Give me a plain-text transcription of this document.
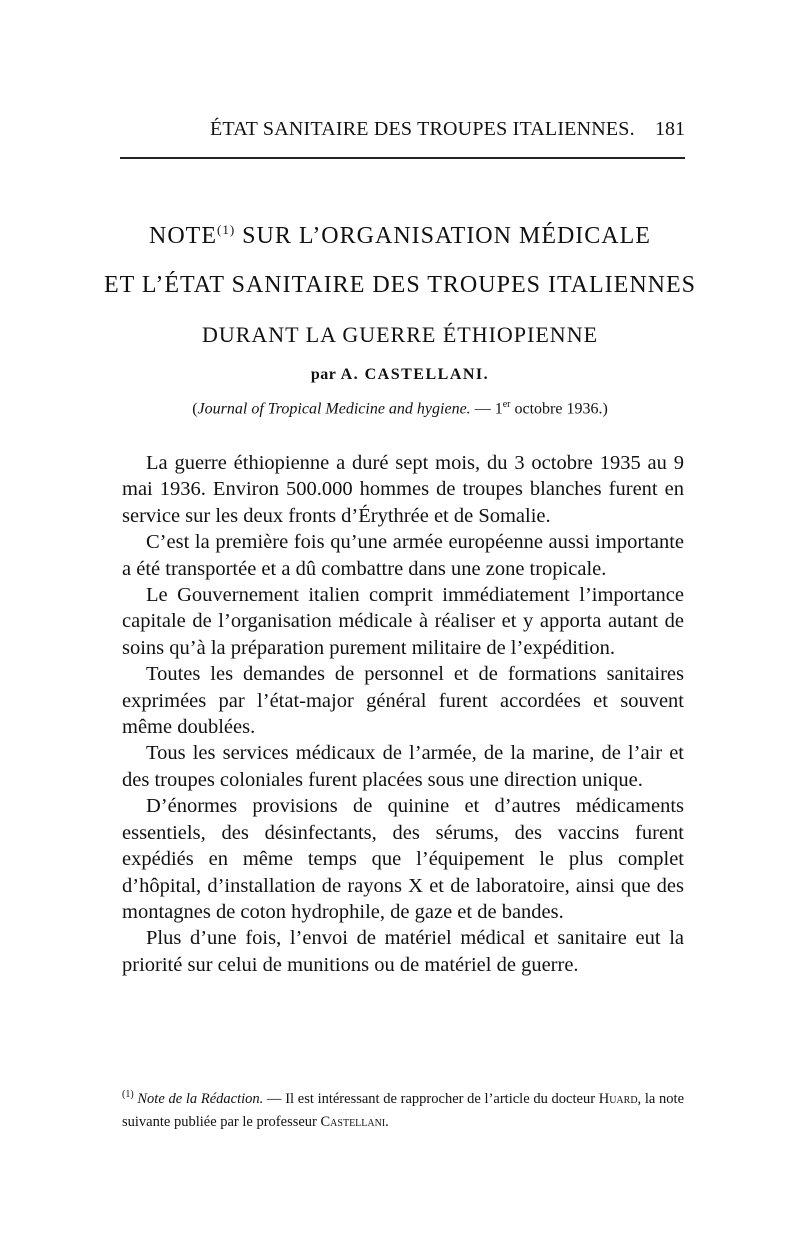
ÉTAT SANITAIRE DES TROUPES ITALIENNES. 181
NOTE$^{(1)}$ SUR L’ORGANISATION MÉDICALE
ET L’ÉTAT SANITAIRE DES TROUPES ITALIENNES
DURANT LA GUERRE ÉTHIOPIENNE
par A. CASTELLANI.
(Journal of Tropical Medicine and hygiene. — 1er octobre 1936.)

La guerre éthiopienne a duré sept mois, du 3 octobre 1935 au 9 mai 1936. Environ 500.000 hommes de troupes blanches furent en service sur les deux fronts d’Érythrée et de Somalie.

C’est la première fois qu’une armée européenne aussi importante a été transportée et a dû combattre dans une zone tropicale.

Le Gouvernement italien comprit immédiatement l’importance capitale de l’organisation médicale à réaliser et y apporta autant de soins qu’à la préparation purement militaire de l’expédition.

Toutes les demandes de personnel et de formations sanitaires exprimées par l’état-major général furent accordées et souvent même doublées.

Tous les services médicaux de l’armée, de la marine, de l’air et des troupes coloniales furent placées sous une direction unique.

D’énormes provisions de quinine et d’autres médicaments essentiels, des désinfectants, des sérums, des vaccins furent expédiés en même temps que l’équipement le plus complet d’hôpital, d’installation de rayons X et de laboratoire, ainsi que des montagnes de coton hydrophile, de gaze et de bandes.

Plus d’une fois, l’envoi de matériel médical et sanitaire eut la priorité sur celui de munitions ou de matériel de guerre.

$^{(1)}$ Note de la Rédaction. — Il est intéressant de rapprocher de l’article du docteur Huard, la note suivante publiée par le professeur Castellani.
